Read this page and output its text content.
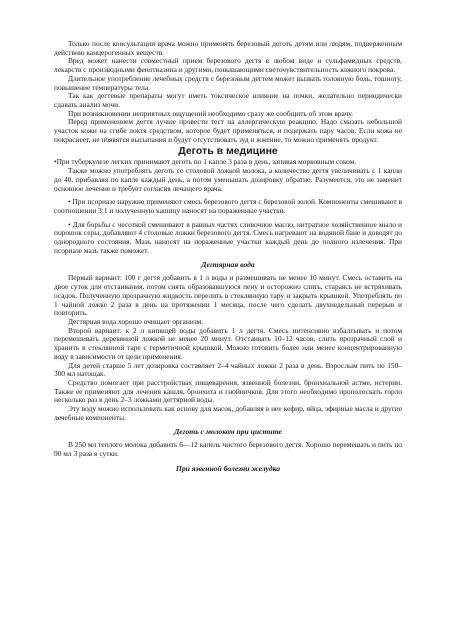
Только после консультации врача можно применять березовый деготь детям или людям, подверженным действию канцерогенных веществ.

Вред может нанести совместный прием березового дегтя в любом виде и сульфамидных средств, лекарств с производными фенотиазина и другими, повышающими светочувствительность кожного покрова.

Длительное употребление лечебных средств с березовым дегтем может вызвать головную боль, тошноту, повышение температуры тела.

Так как дегтевые препараты могут иметь токсическое влияние на почки, желательно периодически сдавать анализ мочи.

При возникновении неприятных ощущений необходимо сразу же сообщить об этом врачу.

Перед применением дегтя лучше провести тест на аллергическую реакцию. Надо смазать небольшой участок кожи на сгибе локтя средством, которое будет применяться, и подержать пару часов. Если кожа не покраснеет, не появятся высыпания и будут отсутствовать зуд и жжение, то можно применять продукт.

Деготь в медицине

•При туберкулезе легких принимают деготь по 1 капле 3 раза в день, запивая морковным соком.

Также можно употреблять деготь со столовой ложкой молока, а количество дегтя увеличивать с 1 капли до 40, прибавляя по капле каждый день, а потом уменьшать дозировку обратно. Разумеется, это не заменит основное лечение и требует согласия лечащего врача.

• При псориазе наружно применяют смесь березового дегтя с березовой золой. Компоненты смешивают в соотношении 3:1 и полученную кашицу наносят на пораженные участки.

• Для борьбы с чесоткой смешивают в равных частях сливочное масло, нитратное хозяйственное мыло и порошок серы, добавляют 4 столовые ложки березового дегтя. Смесь нагревают на водяной бане и доводят до однородного состояния. Мазь наносят на пораженные участки каждый день до полного излечения. При псориазе мазь также поможет.

Дегтярная вода

Первый вариант: 100 г дегтя добавить в 1 л воды и размешивать не менее 10 минут. Смесь оставить на двое суток для отстаивания, потом снять образовавшуюся пену и осторожно слить, стараясь не встряхивать осадок. Полученную прозрачную жидкость перелить в стеклянную тару и закрыть крышкой. Употреблять по 1 чайной ложке 2 раза в день на протяжении 1 месяца, после чего сделать двухнедельный перерыв и повторить.

Дегтярная вода хорошо очищает организм.

Второй вариант: к 2 л кипящей воды добавить 1 л дегтя. Смесь интенсивно взбалтывать и потом перемешивать деревянной ложкой не менее 20 минут. Отстаивать 10–12 часов, слить прозрачный слой и хранить в стеклянной таре с герметичной крышкой. Можно готовить более или менее концентрированную воду в зависимости от цели применения.

Для детей старше 5 лет дозировка составляет 2–4 чайных ложки 2 раза в день. Взрослым пить по 150–300 мл натощак.

Средство помогает при расстройствах пищеварения, язвенной болезни, бронхиальной астме, истерии. Также ее применяют для лечения кашля, бронхита и гнойничков. Для этого необходимо прополоскать горло несколько раз в день 2–3 ложками дегтярной воды.

Эту воду можно использовать как основу для масок, добавляя в нее кефир, яйца, эфирные масла и другие лечебные компоненты.

Деготь с молоком при циститe

В 250 мл теплого молока добавить 6—12 капель чистого березового дегтя. Хорошо перемешать и пить по 90 мл 3 раза в сутки.

При язвенной болезни желудка
